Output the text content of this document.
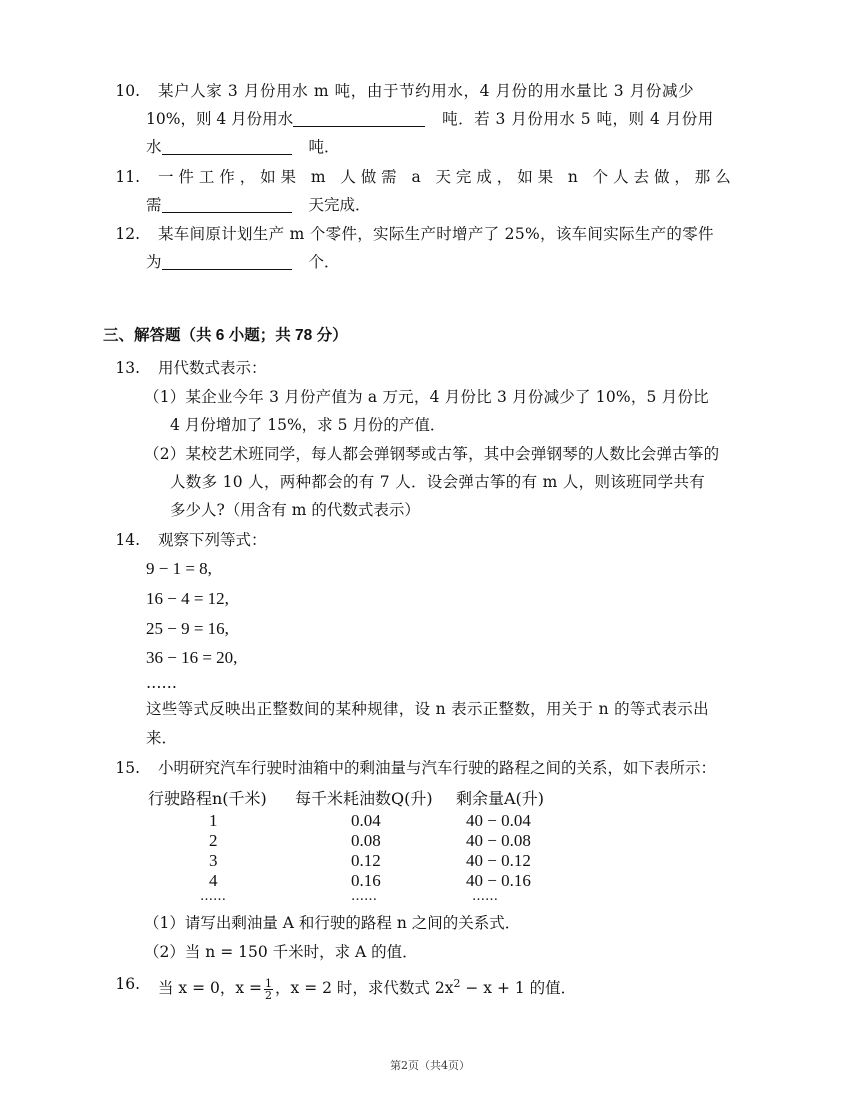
10. 某户人家 3 月份用水 m 吨，由于节约用水，4 月份的用水量比 3 月份减少
10%，则 4 月份用水	吨．若 3 月份用水 5 吨，则 4 月份用
水	吨．
11. 一 件 工 作 ， 如 果   m   人 做 需   a   天 完 成 ， 如 果   n   个 人 去 做 ， 那 么
需	天完成．
12. 某车间原计划生产 m 个零件，实际生产时增产了 25%，该车间实际生产的零件
为	个．
三、解答题（共 6 小题；共 78 分）
13. 用代数式表示：
（1）某企业今年 3 月份产值为 a 万元，4 月份比 3 月份减少了 10%，5 月份比
4 月份增加了 15%，求 5 月份的产值．
（2）某校艺术班同学，每人都会弹钢琴或古筝，其中会弹钢琴的人数比会弹古筝的
人数多 10 人，两种都会的有 7 人．设会弹古筝的有 m 人，则该班同学共有
多少人?（用含有 m 的代数式表示）
14. 观察下列等式：
9 − 1 = 8,
16 − 4 = 12,
25 − 9 = 16,
36 − 16 = 20,
……
这些等式反映出正整数间的某种规律，设 n 表示正整数，用关于 n 的等式表示出
来．
15. 小明研究汽车行驶时油箱中的剩油量与汽车行驶的路程之间的关系，如下表所示：
行驶路程n(千米) 每千米耗油数Q(升) 剩余量A(升)
1	0.04	40 − 0.04
2	0.08	40 − 0.08
3	0.12	40 − 0.12
4	0.16	40 − 0.16
……	……	……
（1）请写出剩油量 A 和行驶的路程 n 之间的关系式．
（2）当 n = 150 千米时，求 A 的值．
16. 当 x = 0，$x = \frac{1}{2}$ ，x = 2 时，求代数式 $2x^2 - x + 1$ 的值．
第2页（共4页）
